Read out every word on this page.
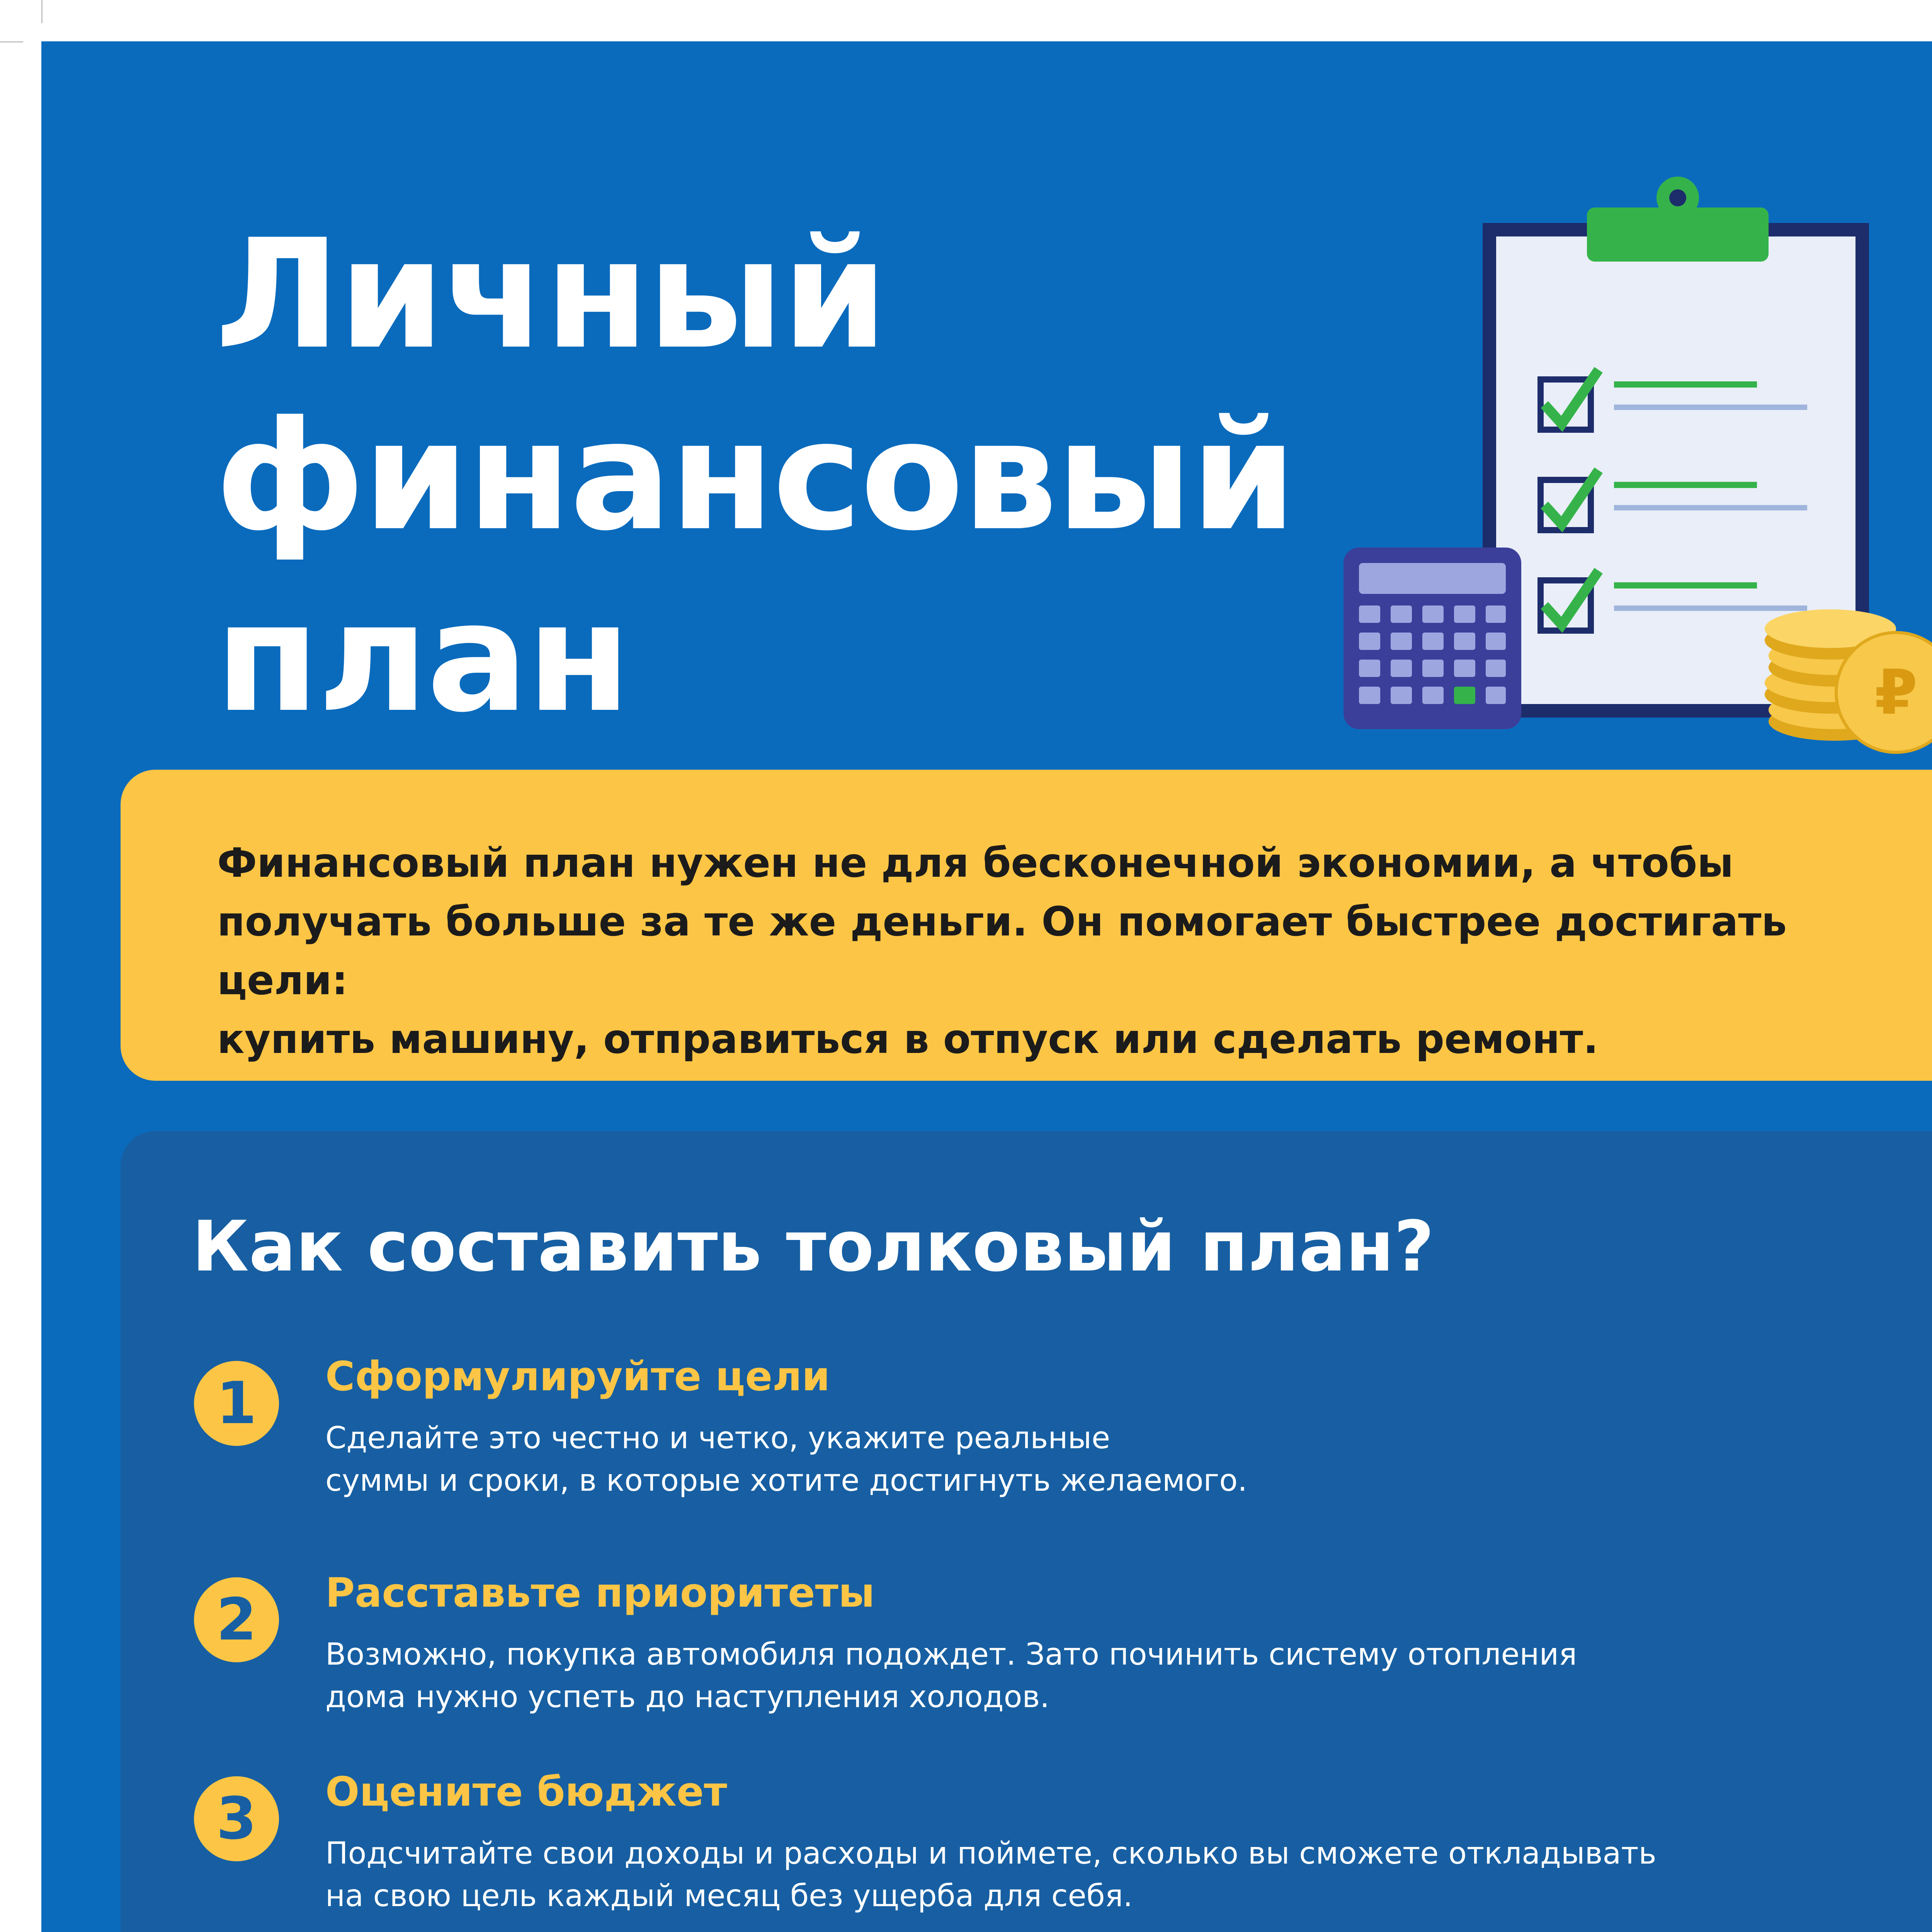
Личный
финансовый
план	₽
Финансовый план нужен не для бесконечной экономии, а чтобы
получать больше за те же деньги. Он помогает быстрее достигать цели:
купить машину, отправиться в отпуск или сделать ремонт.
Как составить толковый план?
1	Сформулируйте цели
Сделайте это честно и четко, укажите реальные
суммы и сроки, в которые хотите достигнуть желаемого.
2	Расставьте приоритеты
Возможно, покупка автомобиля подождет. Зато починить систему отопления
дома нужно успеть до наступления холодов.
3	Оцените бюджет
Подсчитайте свои доходы и расходы и поймете, сколько вы сможете откладывать
на свою цель каждый месяц без ущерба для себя.
